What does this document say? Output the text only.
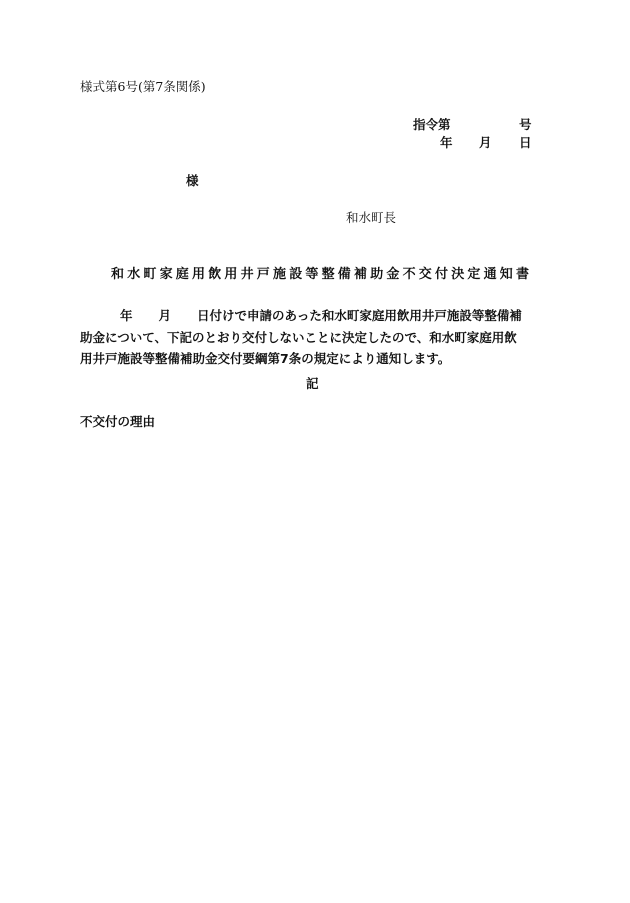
様式第6号(第7条関係)
指令第	号
年 月 日
様
和水町長
和水町家庭用飲用井戸施設等整備補助金不交付決定通知書
年 月 日付けで申請のあった和水町家庭用飲用井戸施設等整備補
助金について、下記のとおり交付しないことに決定したので、和水町家庭用飲
用井戸施設等整備補助金交付要綱第7条の規定により通知します。
記
不交付の理由
